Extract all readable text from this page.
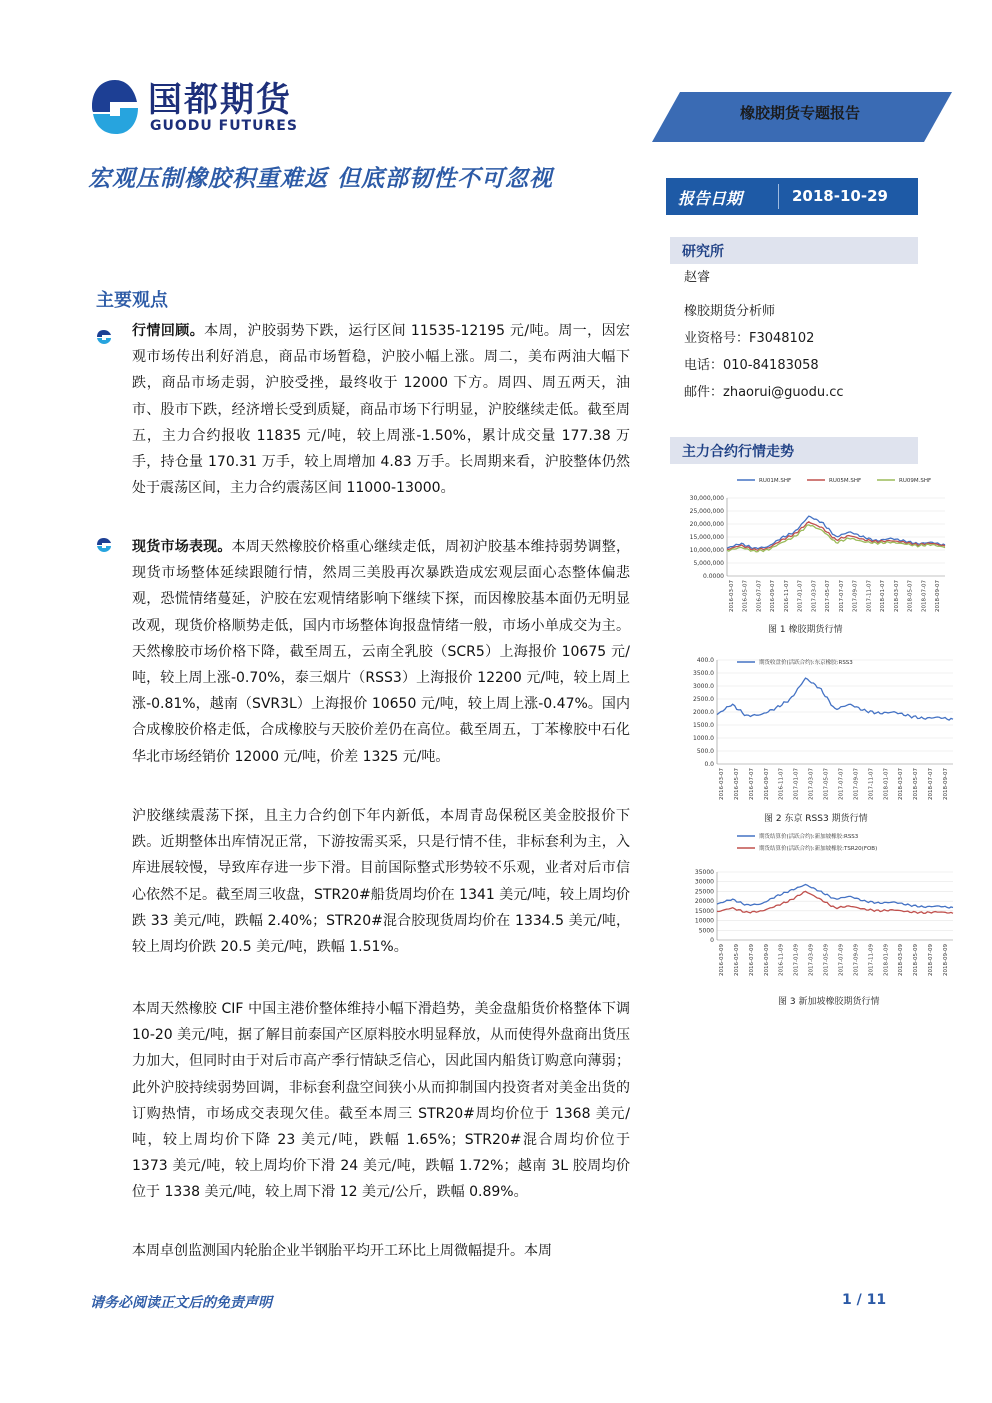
国都期货
GUODU FUTURES
橡胶期货专题报告
宏观压制橡胶积重难返 但底部韧性不可忽视
报告日期	2018-10-29
研究所
赵睿
橡胶期货分析师
业资格号：F3048102
电话：010-84183058
邮件：zhaorui@guodu.cc
主力合约行情走势
30,000,000
25,000,000
20,000,000
15,000,000
10,000,000
5,000,000
0.0000
2016-03-07 2016-05-07 2016-07-07 2016-09-07 2016-11-07 2017-01-07 2017-03-07 2017-05-07 2017-07-07 2017-09-07 2017-11-07 2018-01-07 2018-03-07 2018-05-07 2018-07-07 2018-09-07
RU01M.SHF	RU05M.SHF	RU09M.SHF
图 1 橡胶期货行情
400.0
3500.0
3000.0
2500.0
2000.0
1500.0
1000.0
500.0
0.0
2016-03-07 2016-05-07 2016-07-07 2016-09-07 2016-11-07 2017-01-07 2017-03-07 2017-05-07 2017-07-07 2017-09-07 2017-11-07 2018-01-07 2018-03-07 2018-05-07 2018-07-07 2018-09-07
期货收盘价(活跃合约):东京橡胶:RSS3
图 2 东京 RSS3 期货行情
35000
30000
25000
20000
15000
10000
5000
0
2016-03-09 2016-05-09 2016-07-09 2016-09-09 2016-11-09 2017-01-09 2017-03-09 2017-05-09 2017-07-09 2017-09-09 2017-11-09 2018-01-09 2018-03-09 2018-05-09 2018-07-09 2018-09-09
期货结算价(活跃合约):新加坡橡胶:RSS3
期货结算价(活跃合约):新加坡橡胶:TSR20(FOB)
图 3 新加坡橡胶期货行情
主要观点
行情回顾。本周，沪胶弱势下跌，运行区间 11535-12195 元/吨。周一，因宏观市场传出利好消息，商品市场暂稳，沪胶小幅上涨。周二，美布两油大幅下跌，商品市场走弱，沪胶受挫，最终收于 12000 下方。周四、周五两天，油市、股市下跌，经济增长受到质疑，商品市场下行明显，沪胶继续走低。截至周五，主力合约报收 11835 元/吨，较上周涨-1.50%，累计成交量 177.38 万手，持仓量 170.31 万手，较上周增加 4.83 万手。长周期来看，沪胶整体仍然处于震荡区间，主力合约震荡区间 11000-13000。
现货市场表现。本周天然橡胶价格重心继续走低，周初沪胶基本维持弱势调整，现货市场整体延续跟随行情，然周三美股再次暴跌造成宏观层面心态整体偏悲观，恐慌情绪蔓延，沪胶在宏观情绪影响下继续下探，而因橡胶基本面仍无明显改观，现货价格顺势走低，国内市场整体询报盘情绪一般，市场小单成交为主。天然橡胶市场价格下降，截至周五，云南全乳胶（SCR5）上海报价 10675 元/吨，较上周上涨-0.70%，泰三烟片（RSS3）上海报价 12200 元/吨，较上周上涨-0.81%，越南（SVR3L）上海报价 10650 元/吨，较上周上涨-0.47%。国内合成橡胶价格走低，合成橡胶与天胶价差仍在高位。截至周五，丁苯橡胶中石化华北市场经销价 12000 元/吨，价差 1325 元/吨。
沪胶继续震荡下探，且主力合约创下年内新低，本周青岛保税区美金胶报价下跌。近期整体出库情况正常，下游按需买采，只是行情不佳，非标套利为主，入库进展较慢，导致库存进一步下滑。目前国际整式形势较不乐观，业者对后市信心依然不足。截至周三收盘，STR20#船货周均价在 1341 美元/吨，较上周均价跌 33 美元/吨，跌幅 2.40%；STR20#混合胶现货周均价在 1334.5 美元/吨，较上周均价跌 20.5 美元/吨，跌幅 1.51%。
本周天然橡胶 CIF 中国主港价整体维持小幅下滑趋势，美金盘船货价格整体下调 10-20 美元/吨，据了解目前泰国产区原料胶水明显释放，从而使得外盘商出货压力加大，但同时由于对后市高产季行情缺乏信心，因此国内船货订购意向薄弱；此外沪胶持续弱势回调，非标套利盘空间狭小从而抑制国内投资者对美金出货的订购热情，市场成交表现欠佳。截至本周三 STR20#周均价位于 1368 美元/吨，较上周均价下降 23 美元/吨，跌幅 1.65%；STR20#混合周均价位于 1373 美元/吨，较上周均价下滑 24 美元/吨，跌幅 1.72%；越南 3L 胶周均价位于 1338 美元/吨，较上周下滑 12 美元/公斤，跌幅 0.89%。
本周卓创监测国内轮胎企业半钢胎平均开工环比上周微幅提升。本周
请务必阅读正文后的免责声明	1 / 11
